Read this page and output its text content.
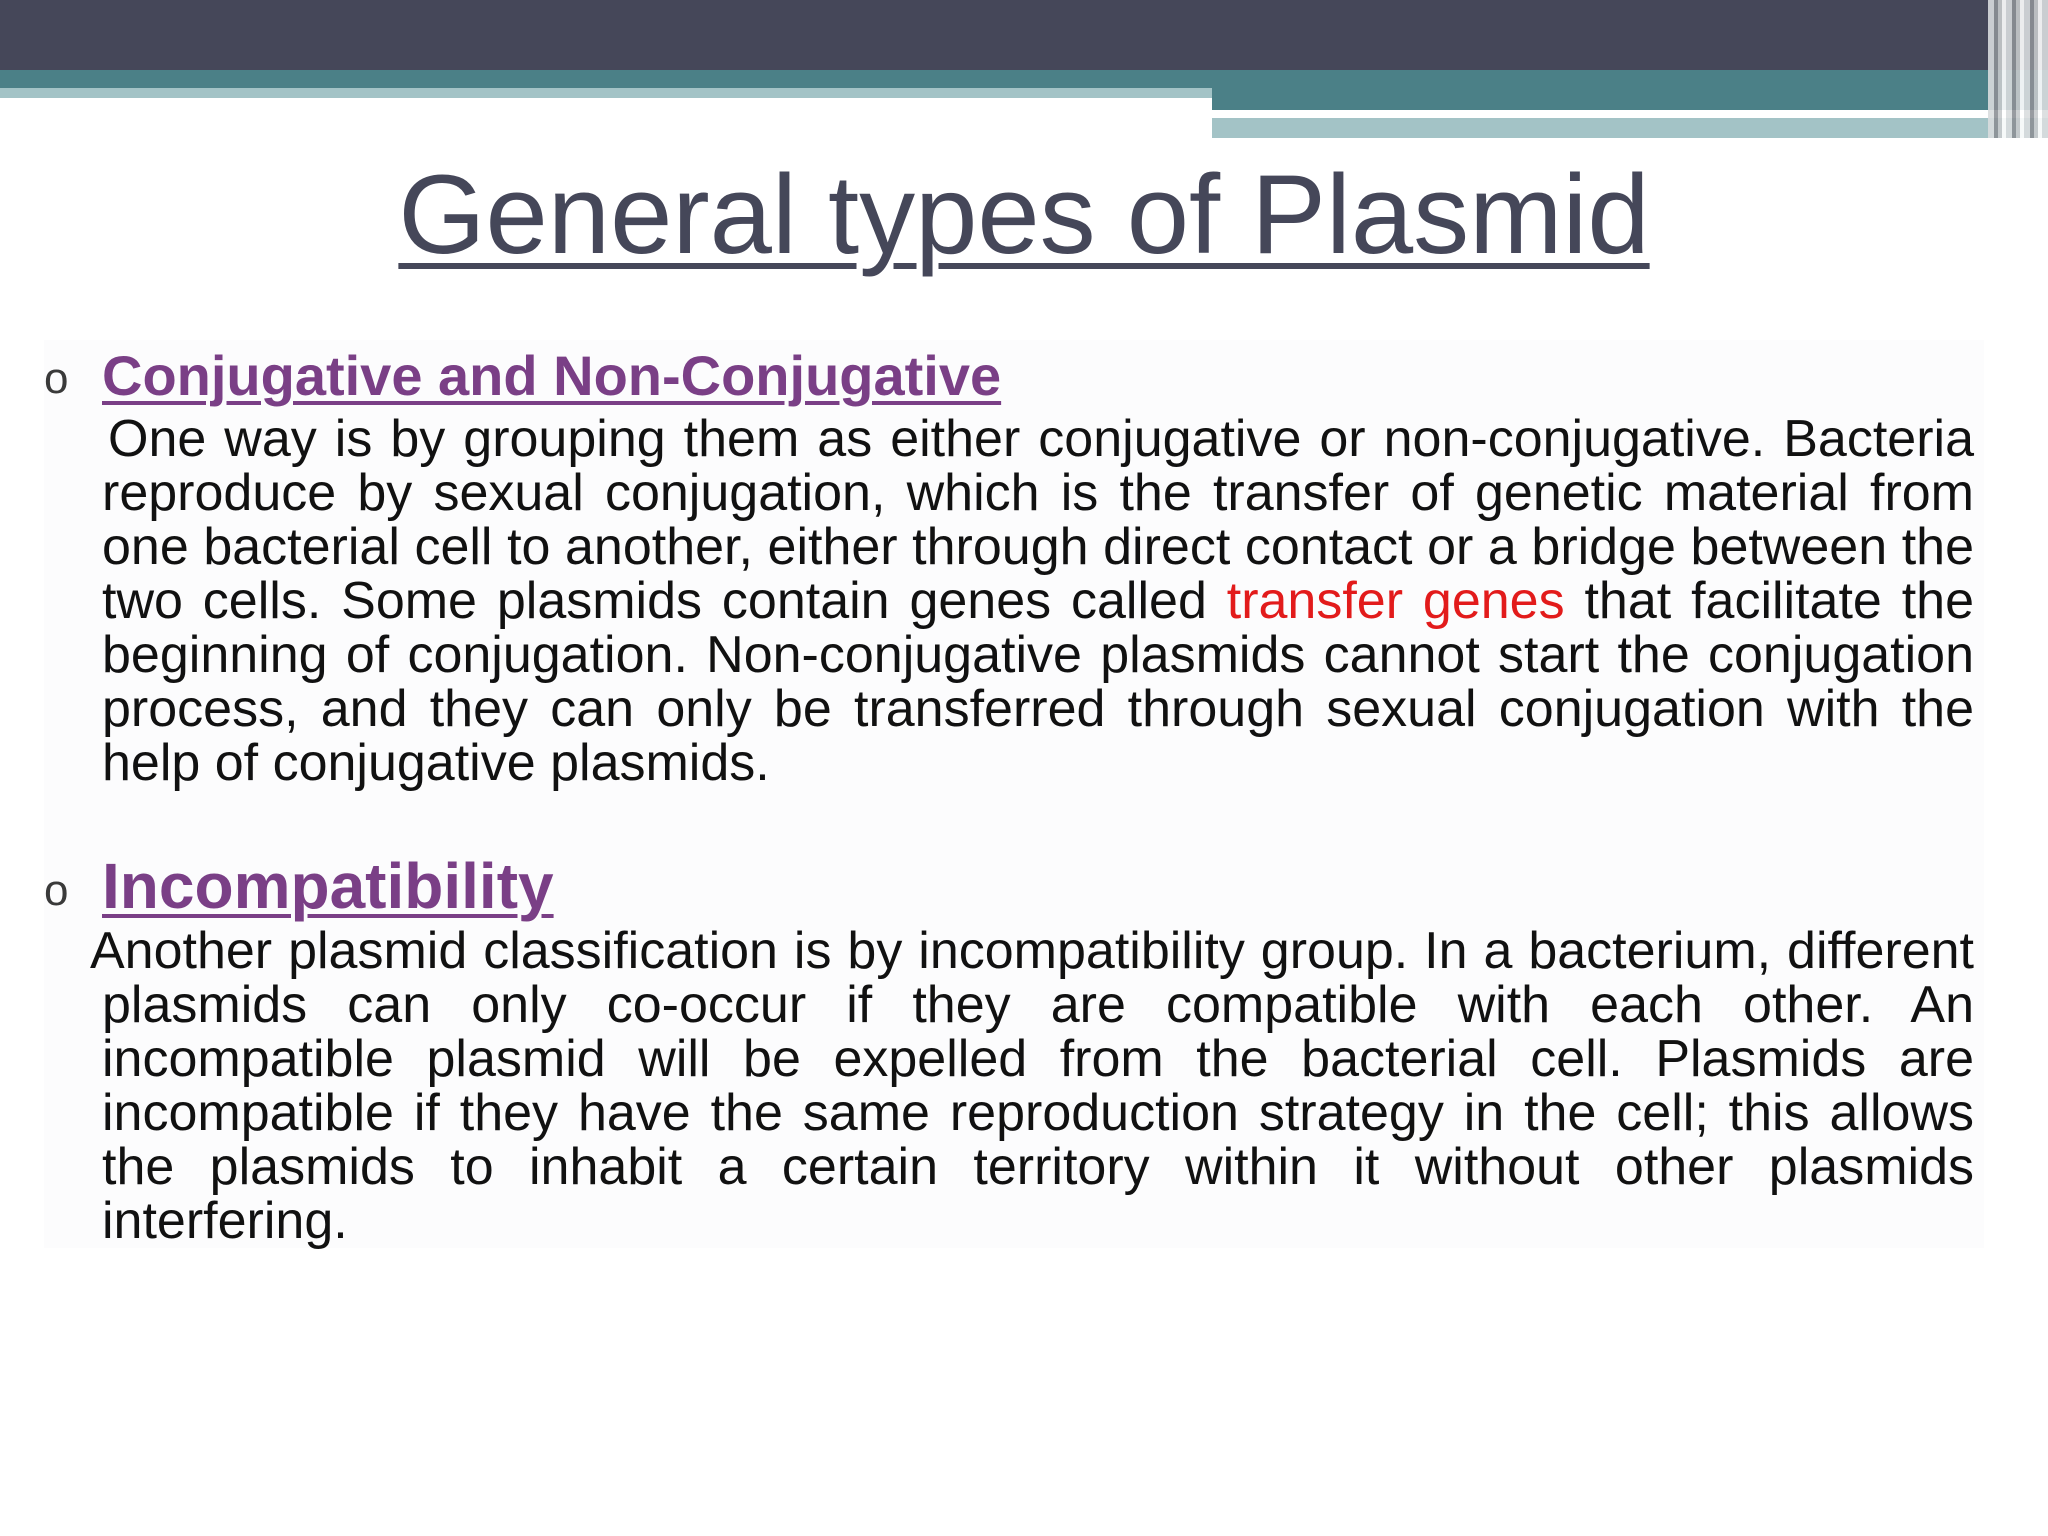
General types of Plasmid
o Conjugative and Non-Conjugative
One way is by grouping them as either conjugative or non-conjugative. Bacteria reproduce by sexual conjugation, which is the transfer of genetic material from one bacterial cell to another, either through direct contact or a bridge between the two cells. Some plasmids contain genes called transfer genes that facilitate the beginning of conjugation. Non-conjugative plasmids cannot start the conjugation process, and they can only be transferred through sexual conjugation with the help of conjugative plasmids.
o Incompatibility
Another plasmid classification is by incompatibility group. In a bacterium, different plasmids can only co-occur if they are compatible with each other. An incompatible plasmid will be expelled from the bacterial cell. Plasmids are incompatible if they have the same reproduction strategy in the cell; this allows the plasmids to inhabit a certain territory within it without other plasmids interfering.
